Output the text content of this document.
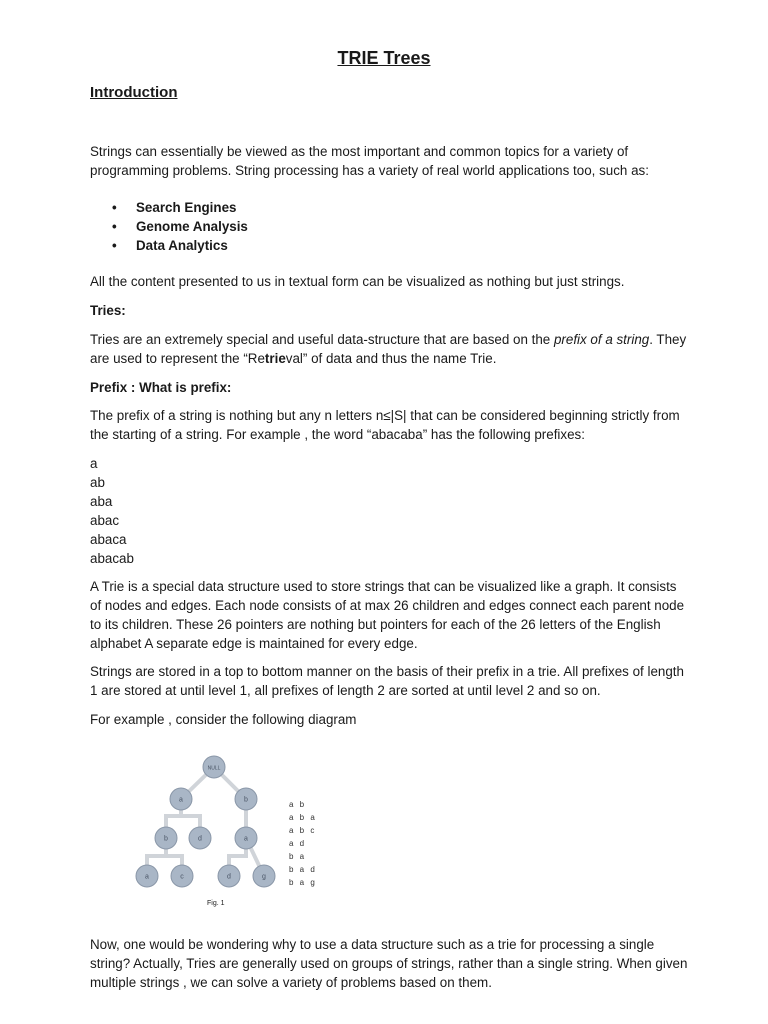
TRIE Trees
Introduction
Strings can essentially be viewed as the most important and common topics for a variety of programming problems. String processing has a variety of real world applications too, such as:
• Search Engines
• Genome Analysis
• Data Analytics
All the content presented to us in textual form can be visualized as nothing but just strings.
Tries:
Tries are an extremely special and useful data-structure that are based on the prefix of a string. They are used to represent the “Retrieval” of data and thus the name Trie.
Prefix : What is prefix:
The prefix of a string is nothing but any n letters n≤|S| that can be considered beginning strictly from the starting of a string. For example , the word “abacaba” has the following prefixes:
a
ab
aba
abac
abaca
abacab
A Trie is a special data structure used to store strings that can be visualized like a graph. It consists of nodes and edges. Each node consists of at max 26 children and edges connect each parent node to its children. These 26 pointers are nothing but pointers for each of the 26 letters of the English alphabet A separate edge is maintained for every edge.
Strings are stored in a top to bottom manner on the basis of their prefix in a trie. All prefixes of length 1 are stored at until level 1, all prefixes of length 2 are sorted at until level 2 and so on.
For example , consider the following diagram
NULL
a	b
b	d	a
a	c	d	g
a b
a b a
a b c
a d
b a
b a d
b a g
Fig. 1
Now, one would be wondering why to use a data structure such as a trie for processing a single string? Actually, Tries are generally used on groups of strings, rather than a single string. When given multiple strings , we can solve a variety of problems based on them.
